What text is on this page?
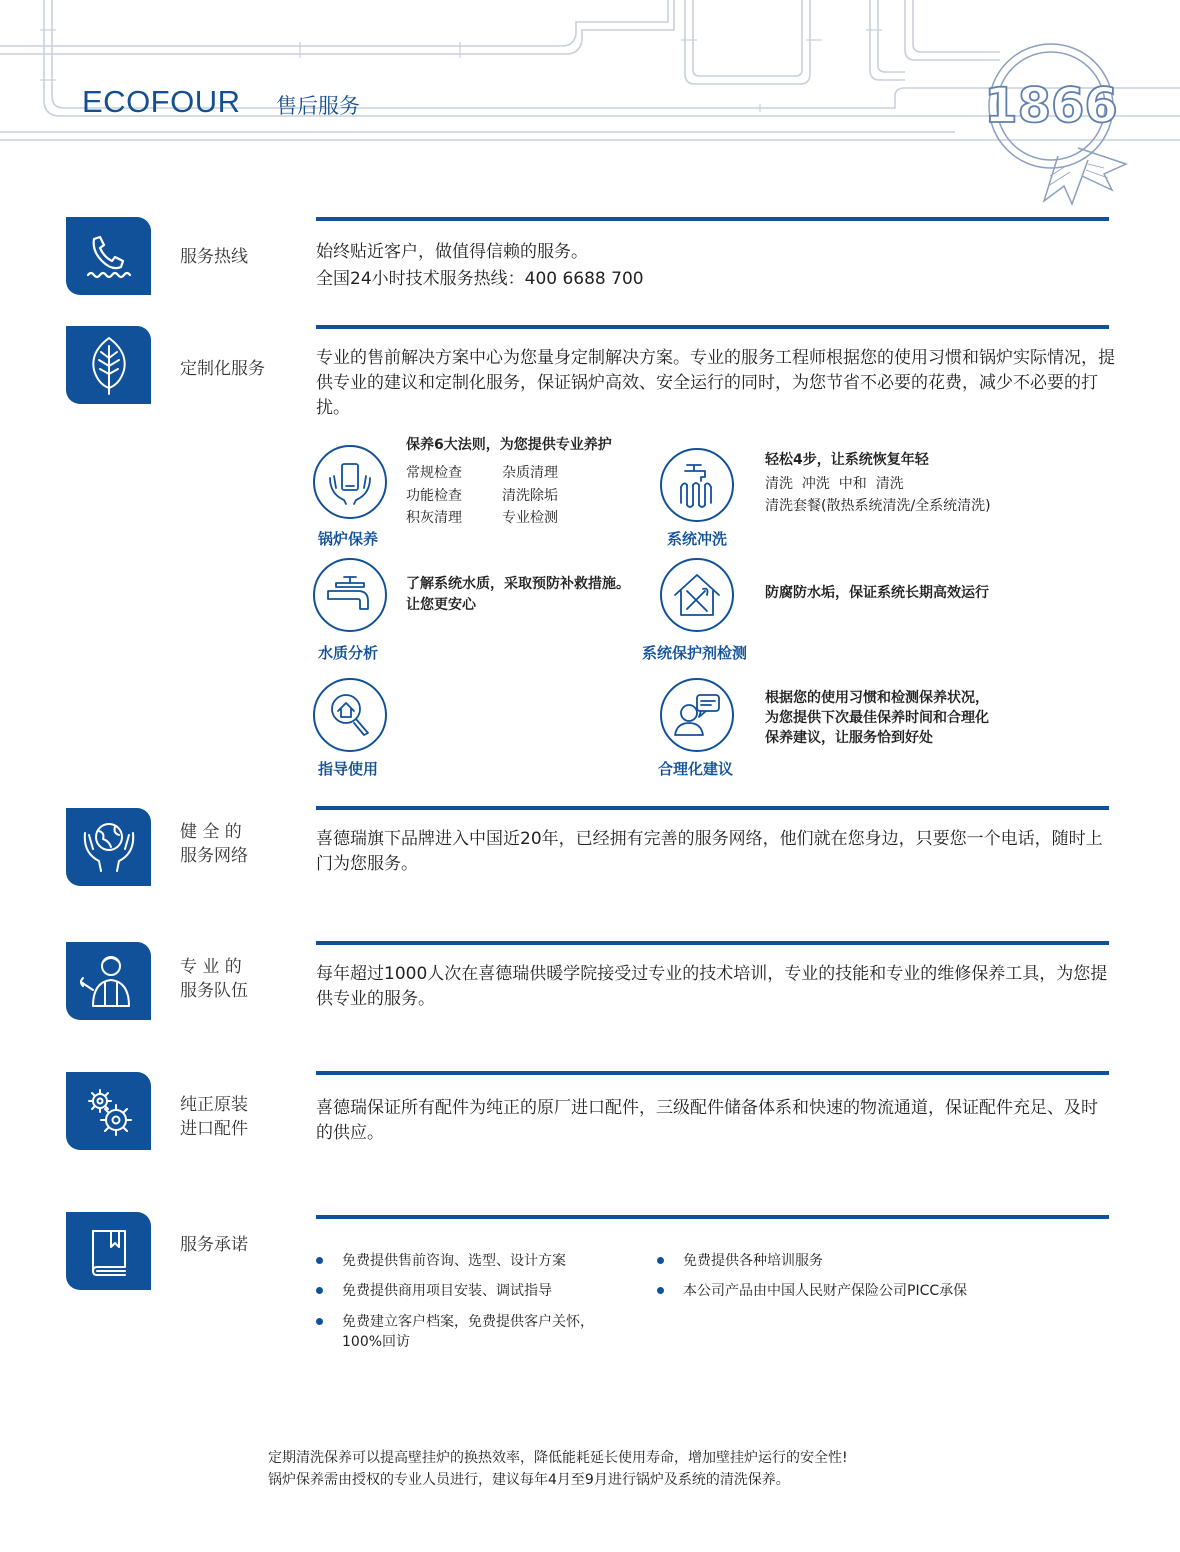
ECOFOUR 售后服务	1866
服务热线	始终贴近客户，做值得信赖的服务。
全国24小时技术服务热线：400 6688 700
定制化服务
专业的售前解决方案中心为您量身定制解决方案。专业的服务工程师根据您的使用习惯和锅炉实际情况，提供专业的建议和定制化服务，保证锅炉高效、安全运行的同时，为您节省不必要的花费，减少不必要的打扰。
锅炉保养
保养6大法则，为您提供专业养护
常规检查	杂质清理
功能检查	清洗除垢
积灰清理	专业检测
系统冲洗
轻松4步，让系统恢复年轻
清洗  冲洗  中和  清洗
清洗套餐(散热系统清洗/全系统清洗)
水质分析
了解系统水质，采取预防补救措施。
让您更安心
系统保护剂检测
防腐防水垢，保证系统长期高效运行
指导使用	合理化建议
根据您的使用习惯和检测保养状况，
为您提供下次最佳保养时间和合理化
保养建议，让服务恰到好处
健 全 的
服务网络
喜德瑞旗下品牌进入中国近20年，已经拥有完善的服务网络，他们就在您身边，只要您一个电话，随时上门为您服务。
专 业 的
服务队伍
每年超过1000人次在喜德瑞供暖学院接受过专业的技术培训，专业的技能和专业的维修保养工具，为您提供专业的服务。
纯正原装
进口配件
喜德瑞保证所有配件为纯正的原厂进口配件，三级配件储备体系和快速的物流通道，保证配件充足、及时的供应。
服务承诺
免费提供售前咨询、选型、设计方案
免费提供商用项目安装、调试指导
免费建立客户档案，免费提供客户关怀，
100%回访
免费提供各种培训服务
本公司产品由中国人民财产保险公司PICC承保
定期清洗保养可以提高壁挂炉的换热效率，降低能耗延长使用寿命，增加壁挂炉运行的安全性!
锅炉保养需由授权的专业人员进行，建议每年4月至9月进行锅炉及系统的清洗保养。
